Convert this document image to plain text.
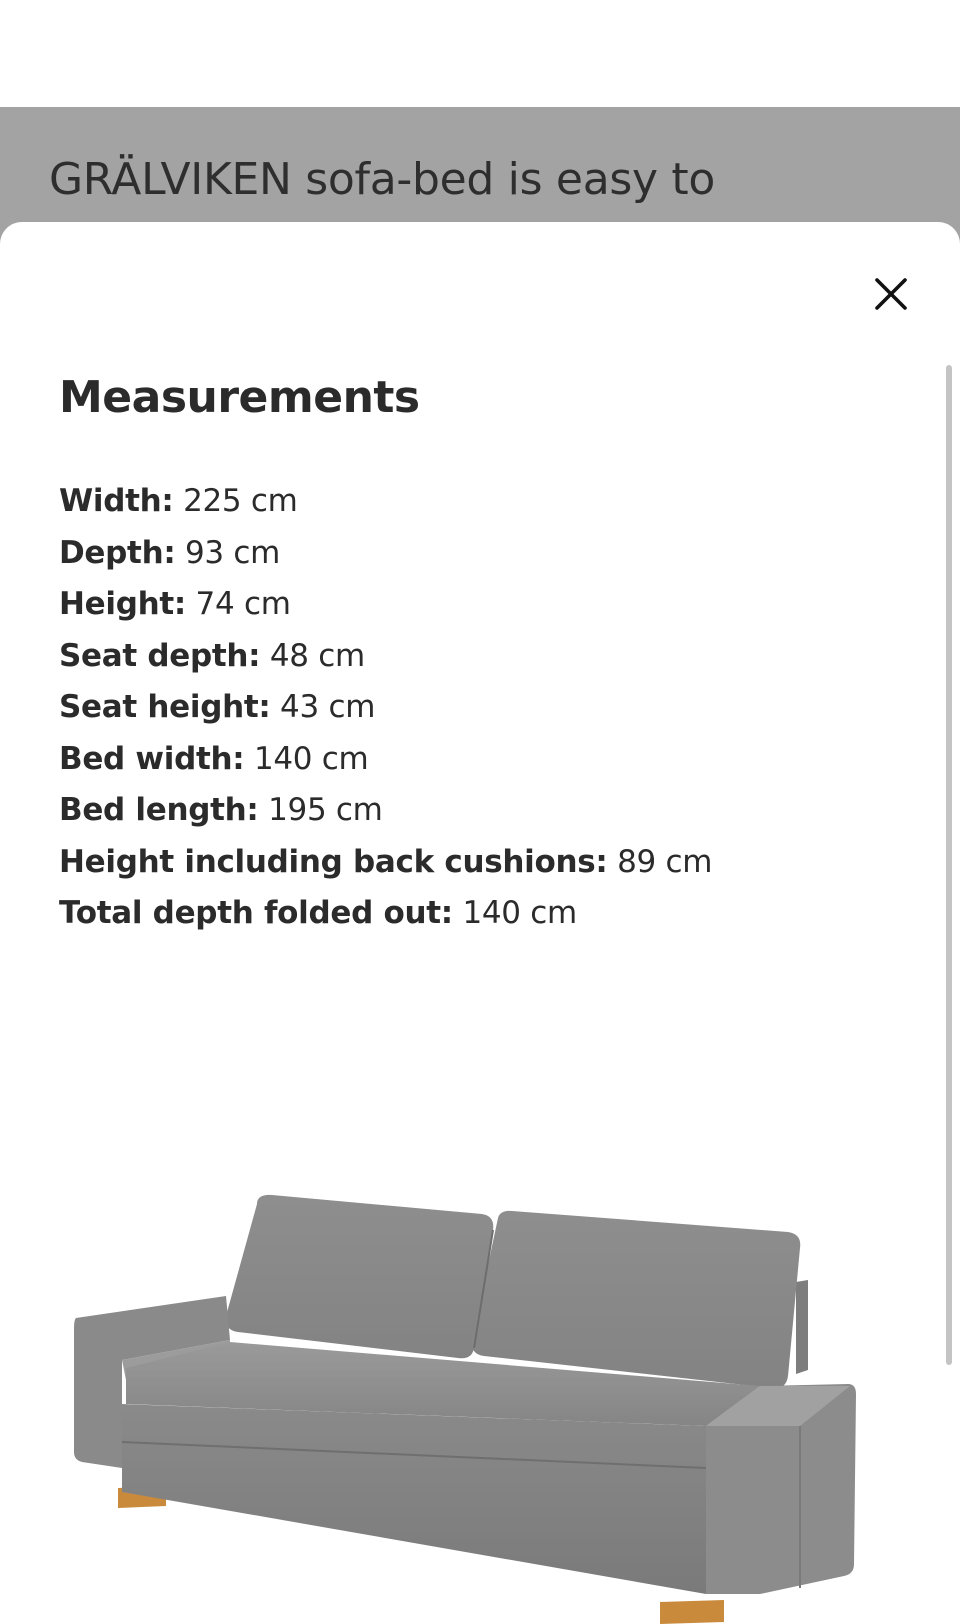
GRÄLVIKEN sofa-bed is easy to
Measurements
Width: 225 cm
Depth: 93 cm
Height: 74 cm
Seat depth: 48 cm
Seat height: 43 cm
Bed width: 140 cm
Bed length: 195 cm
Height including back cushions: 89 cm
Total depth folded out: 140 cm
